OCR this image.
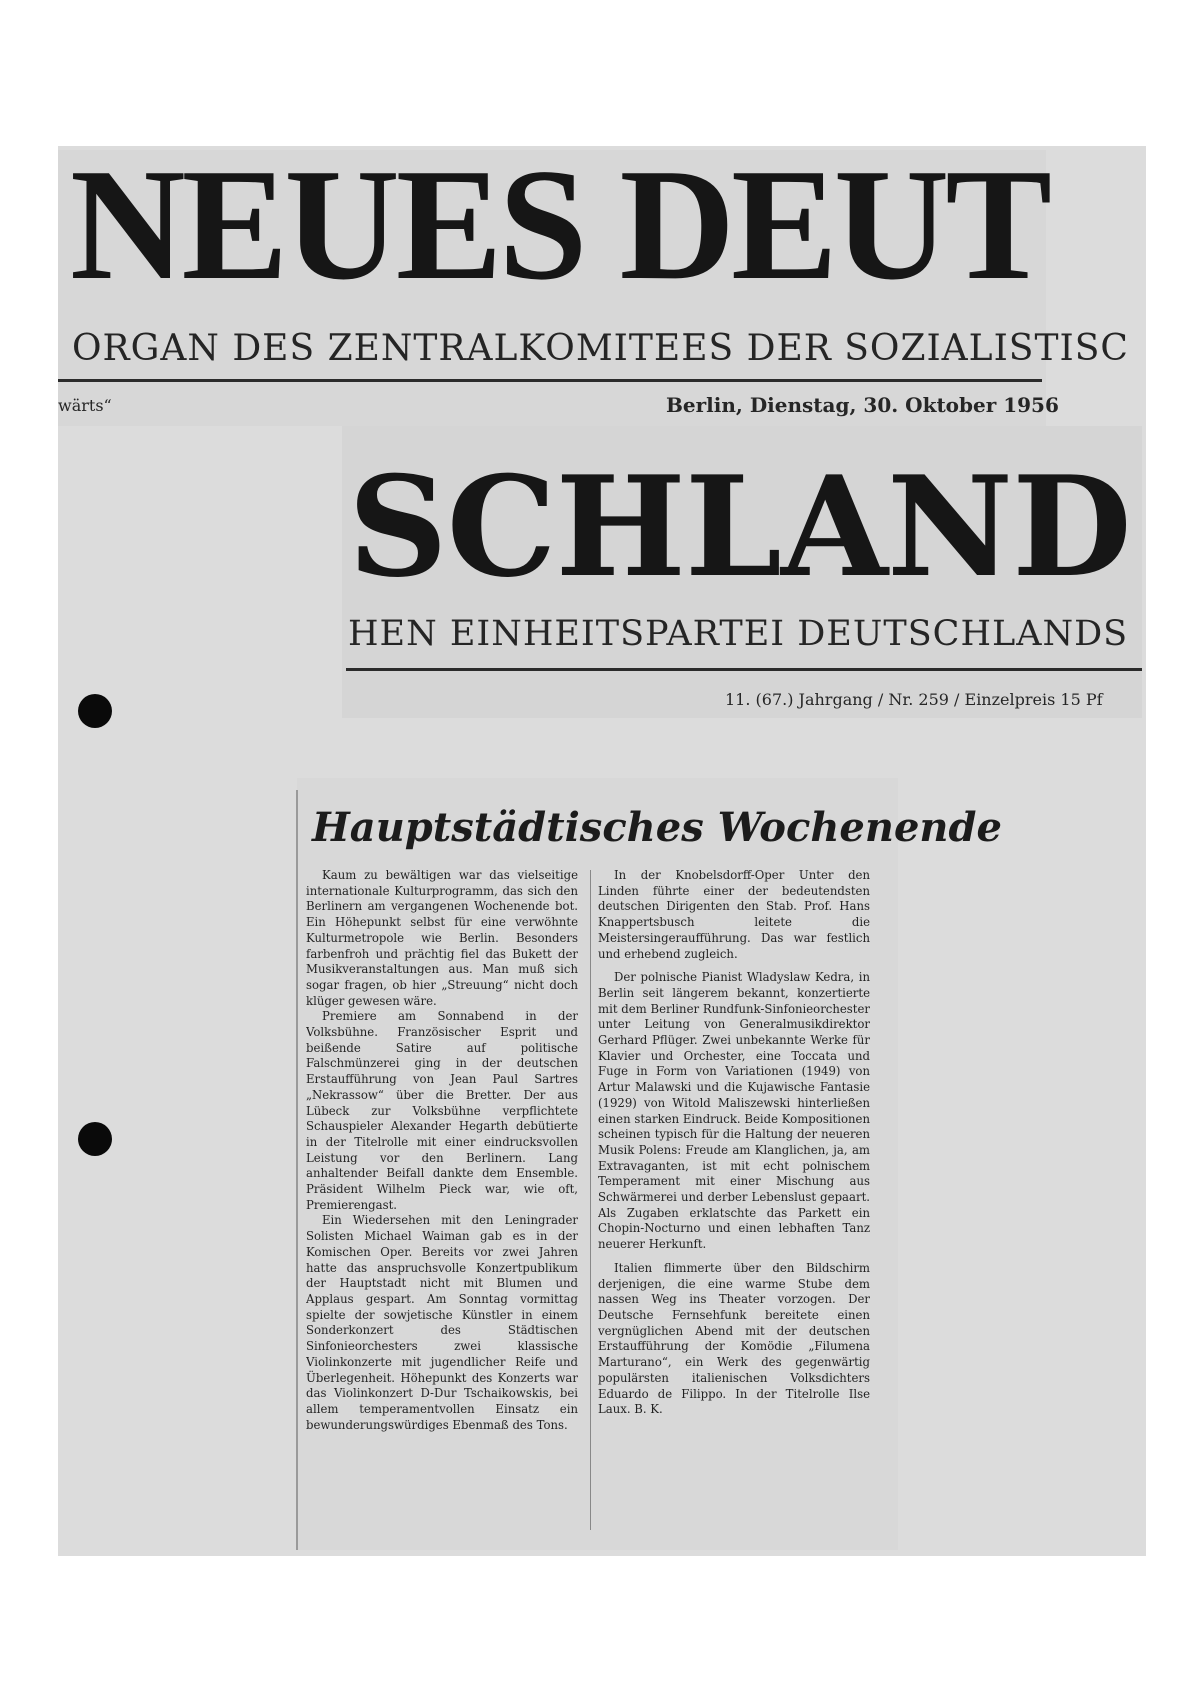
NEUES DEUT

ORGAN DES ZENTRALKOMITEES DER SOZIALISTISC

wärts“	Berlin, Dienstag, 30. Oktober 1956

SCHLAND

HEN EINHEITSPARTEI DEUTSCHLANDS

11. (67.) Jahrgang / Nr. 259 / Einzelpreis 15 Pf

Hauptstädtisches Wochenende

Kaum zu bewältigen war das vielseitige internationale Kulturprogramm, das sich den Berlinern am vergangenen Wochenende bot. Ein Höhepunkt selbst für eine verwöhnte Kulturmetropole wie Berlin. Besonders farbenfroh und prächtig fiel das Bukett der Musikveranstaltungen aus. Man muß sich sogar fragen, ob hier „Streuung“ nicht doch klüger gewesen wäre.

Premiere am Sonnabend in der Volksbühne. Französischer Esprit und beißende Satire auf politische Falschmünzerei ging in der deutschen Erstaufführung von Jean Paul Sartres „Nekrassow“ über die Bretter. Der aus Lübeck zur Volksbühne verpflichtete Schauspieler Alexander Hegarth debütierte in der Titelrolle mit einer eindrucksvollen Leistung vor den Berlinern. Lang anhaltender Beifall dankte dem Ensemble. Präsident Wilhelm Pieck war, wie oft, Premierengast.

Ein Wiedersehen mit den Leningrader Solisten Michael Waiman gab es in der Komischen Oper. Bereits vor zwei Jahren hatte das anspruchsvolle Konzertpublikum der Hauptstadt nicht mit Blumen und Applaus gespart. Am Sonntag vormittag spielte der sowjetische Künstler in einem Sonderkonzert des Städtischen Sinfonieorchesters zwei klassische Violinkonzerte mit jugendlicher Reife und Überlegenheit. Höhepunkt des Konzerts war das Violinkonzert D-Dur Tschaikowskis, bei allem temperamentvollen Einsatz ein bewunderungswürdiges Ebenmaß des Tons.

In der Knobelsdorff-Oper Unter den Linden führte einer der bedeutendsten deutschen Dirigenten den Stab. Prof. Hans Knappertsbusch leitete die Meistersingeraufführung. Das war festlich und erhebend zugleich.

Der polnische Pianist Wladyslaw Kedra, in Berlin seit längerem bekannt, konzertierte mit dem Berliner Rundfunk-Sinfonieorchester unter Leitung von Generalmusikdirektor Gerhard Pflüger. Zwei unbekannte Werke für Klavier und Orchester, eine Toccata und Fuge in Form von Variationen (1949) von Artur Malawski und die Kujawische Fantasie (1929) von Witold Maliszewski hinterließen einen starken Eindruck. Beide Kompositionen scheinen typisch für die Haltung der neueren Musik Polens: Freude am Klanglichen, ja, am Extravaganten, ist mit echt polnischem Temperament mit einer Mischung aus Schwärmerei und derber Lebenslust gepaart. Als Zugaben erklatschte das Parkett ein Chopin-Nocturno und einen lebhaften Tanz neuerer Herkunft.

Italien flimmerte über den Bildschirm derjenigen, die eine warme Stube dem nassen Weg ins Theater vorzogen. Der Deutsche Fernsehfunk bereitete einen vergnüglichen Abend mit der deutschen Erstaufführung der Komödie „Filumena Marturano“, ein Werk des gegenwärtig populärsten italienischen Volksdichters Eduardo de Filippo. In der Titelrolle Ilse Laux. B. K.
